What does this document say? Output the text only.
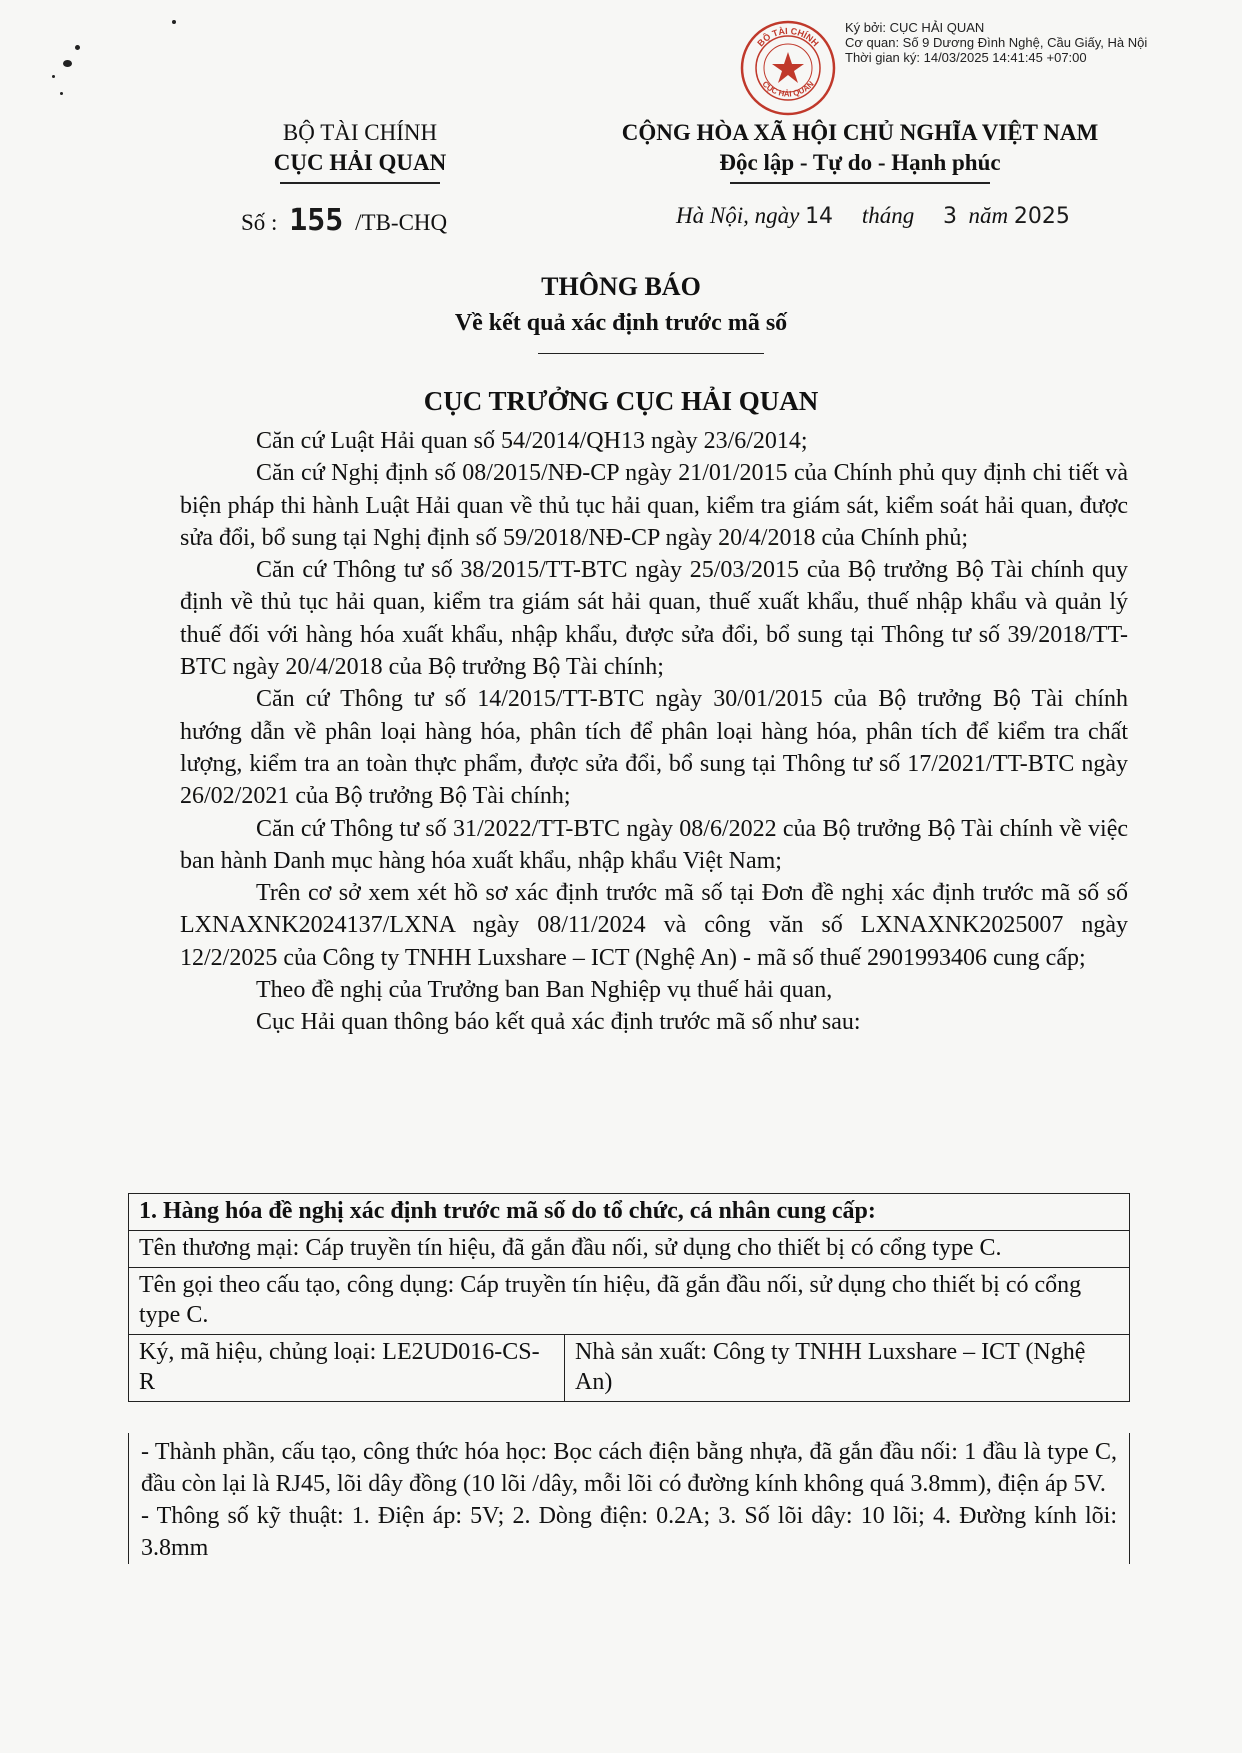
BỘ TÀI CHÍNH
CỤC HẢI QUAN
Ký bởi: CỤC HẢI QUAN
Cơ quan: Số 9 Dương Đình Nghệ, Cầu Giấy, Hà Nội
Thời gian ký: 14/03/2025 14:41:45 +07:00
BỘ TÀI CHÍNH
CỤC HẢI QUAN
CỘNG HÒA XÃ HỘI CHỦ NGHĨA VIỆT NAM
Độc lập - Tự do - Hạnh phúc
Số : 155 /TB-CHQ	Hà Nội, ngày 14 tháng 3 năm 2025
THÔNG BÁO
Về kết quả xác định trước mã số
CỤC TRƯỞNG CỤC HẢI QUAN

Căn cứ Luật Hải quan số 54/2014/QH13 ngày 23/6/2014;

Căn cứ Nghị định số 08/2015/NĐ-CP ngày 21/01/2015 của Chính phủ quy định chi tiết và biện pháp thi hành Luật Hải quan về thủ tục hải quan, kiểm tra giám sát, kiểm soát hải quan, được sửa đổi, bổ sung tại Nghị định số 59/2018/NĐ-CP ngày 20/4/2018 của Chính phủ;

Căn cứ Thông tư số 38/2015/TT-BTC ngày 25/03/2015 của Bộ trưởng Bộ Tài chính quy định về thủ tục hải quan, kiểm tra giám sát hải quan, thuế xuất khẩu, thuế nhập khẩu và quản lý thuế đối với hàng hóa xuất khẩu, nhập khẩu, được sửa đổi, bổ sung tại Thông tư số 39/2018/TT-BTC ngày 20/4/2018 của Bộ trưởng Bộ Tài chính;

Căn cứ Thông tư số 14/2015/TT-BTC ngày 30/01/2015 của Bộ trưởng Bộ Tài chính hướng dẫn về phân loại hàng hóa, phân tích để phân loại hàng hóa, phân tích để kiểm tra chất lượng, kiểm tra an toàn thực phẩm, được sửa đổi, bổ sung tại Thông tư số 17/2021/TT-BTC ngày 26/02/2021 của Bộ trưởng Bộ Tài chính;

Căn cứ Thông tư số 31/2022/TT-BTC ngày 08/6/2022 của Bộ trưởng Bộ Tài chính về việc ban hành Danh mục hàng hóa xuất khẩu, nhập khẩu Việt Nam;

Trên cơ sở xem xét hồ sơ xác định trước mã số tại Đơn đề nghị xác định trước mã số số LXNAXNK2024137/LXNA ngày 08/11/2024 và công văn số LXNAXNK2025007 ngày 12/2/2025 của Công ty TNHH Luxshare – ICT (Nghệ An) - mã số thuế 2901993406 cung cấp;

Theo đề nghị của Trưởng ban Ban Nghiệp vụ thuế hải quan,

Cục Hải quan thông báo kết quả xác định trước mã số như sau:

1. Hàng hóa đề nghị xác định trước mã số do tổ chức, cá nhân cung cấp:
Tên thương mại: Cáp truyền tín hiệu, đã gắn đầu nối, sử dụng cho thiết bị có cổng type C.
Tên gọi theo cấu tạo, công dụng: Cáp truyền tín hiệu, đã gắn đầu nối, sử dụng cho thiết bị có cổng type C.
Ký, mã hiệu, chủng loại: LE2UD016-CS-R	Nhà sản xuất: Công ty TNHH Luxshare – ICT (Nghệ An)

- Thành phần, cấu tạo, công thức hóa học: Bọc cách điện bằng nhựa, đã gắn đầu nối: 1 đầu là type C, đầu còn lại là RJ45, lõi dây đồng (10 lõi /dây, mỗi lõi có đường kính không quá 3.8mm), điện áp 5V.

- Thông số kỹ thuật: 1. Điện áp: 5V; 2. Dòng điện: 0.2A; 3. Số lõi dây: 10 lõi; 4. Đường kính lõi: 3.8mm
